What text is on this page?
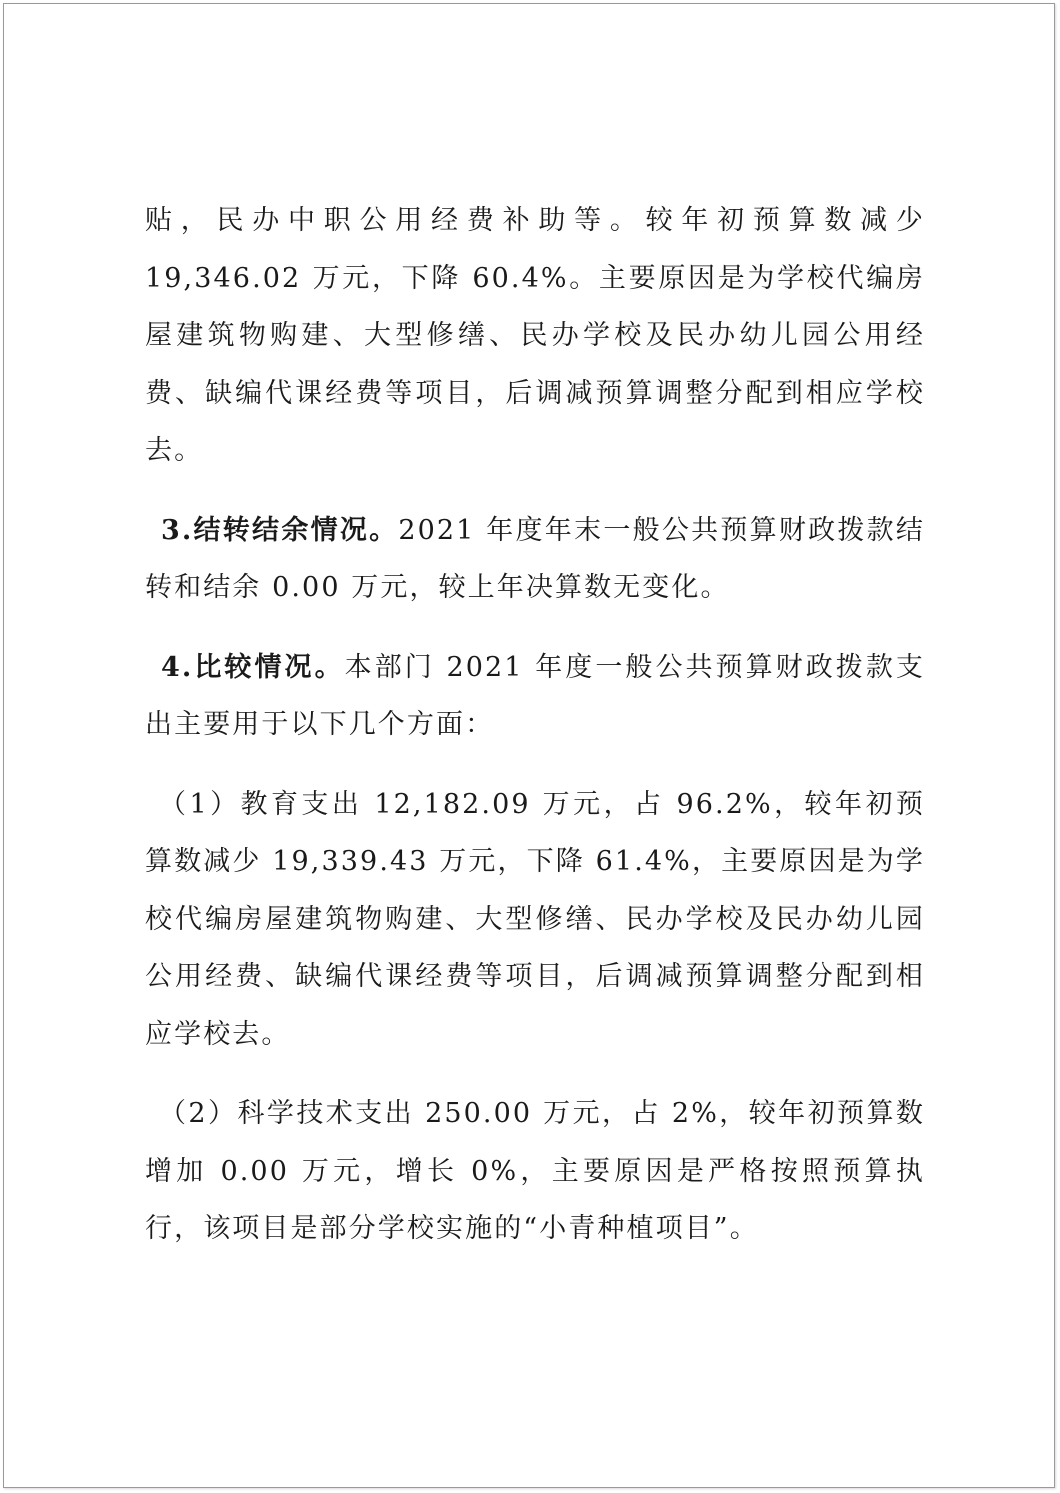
贴，民办中职公用经费补助等。较年初预算数减少 19,346.02 万元，下降 60.4%。主要原因是为学校代编房屋建筑物购建、大型修缮、民办学校及民办幼儿园公用经费、缺编代课经费等项目，后调减预算调整分配到相应学校去。

3.结转结余情况。2021 年度年末一般公共预算财政拨款结转和结余 0.00 万元，较上年决算数无变化。

4.比较情况。本部门 2021 年度一般公共预算财政拨款支出主要用于以下几个方面：

（1）教育支出 12,182.09 万元，占 96.2%，较年初预算数减少 19,339.43 万元，下降 61.4%，主要原因是为学校代编房屋建筑物购建、大型修缮、民办学校及民办幼儿园公用经费、缺编代课经费等项目，后调减预算调整分配到相应学校去。

（2）科学技术支出 250.00 万元，占 2%，较年初预算数增加 0.00 万元，增长 0%，主要原因是严格按照预算执行，该项目是部分学校实施的“小青种植项目”。
